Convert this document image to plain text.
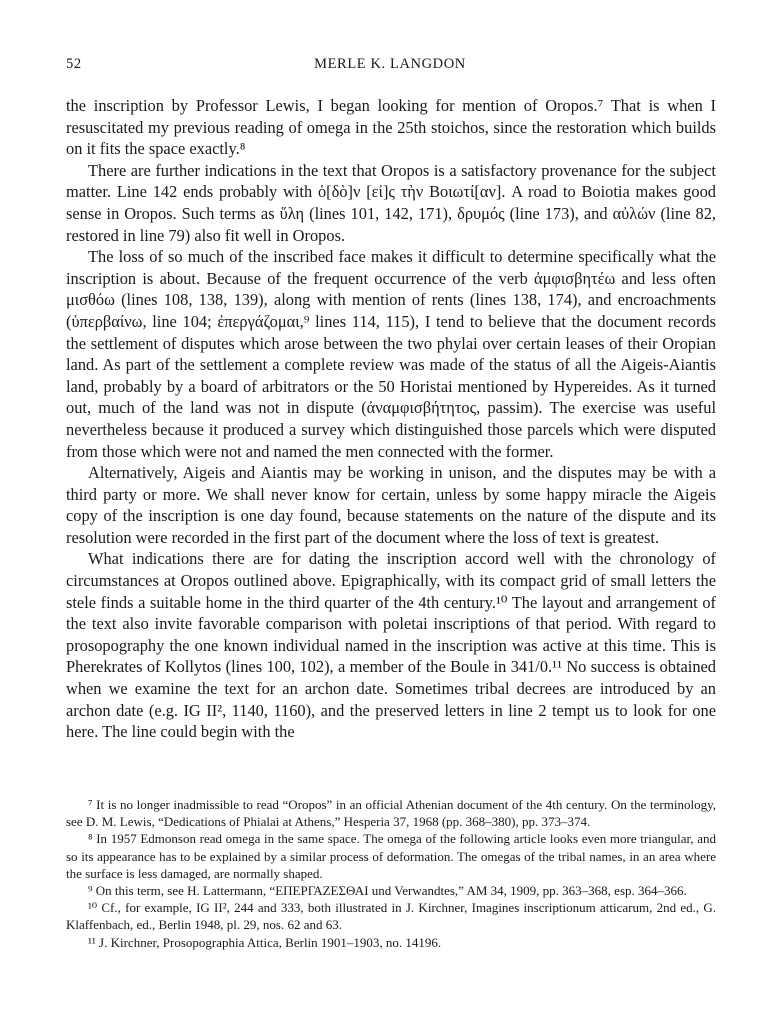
52	MERLE K. LANGDON

the inscription by Professor Lewis, I began looking for mention of Oropos.⁷ That is when I resuscitated my previous reading of omega in the 25th stoichos, since the restoration which builds on it fits the space exactly.⁸

There are further indications in the text that Oropos is a satisfactory provenance for the subject matter. Line 142 ends probably with ὁ[δὸ]ν [εἰ]ς τὴν Βοιωτί[αν]. A road to Boiotia makes good sense in Oropos. Such terms as ὕλη (lines 101, 142, 171), δρυμός (line 173), and αὐλών (line 82, restored in line 79) also fit well in Oropos.

The loss of so much of the inscribed face makes it difficult to determine specifically what the inscription is about. Because of the frequent occurrence of the verb ἀμφισβητέω and less often μισθόω (lines 108, 138, 139), along with mention of rents (lines 138, 174), and encroachments (ὑπερβαίνω, line 104; ἐπεργάζομαι,⁹ lines 114, 115), I tend to believe that the document records the settlement of disputes which arose between the two phylai over certain leases of their Oropian land. As part of the settlement a complete review was made of the status of all the Aigeis-Aiantis land, probably by a board of arbitrators or the 50 Horistai mentioned by Hypereides. As it turned out, much of the land was not in dispute (ἀναμφισβήτητος, passim). The exercise was useful nevertheless because it produced a survey which distinguished those parcels which were disputed from those which were not and named the men connected with the former.

Alternatively, Aigeis and Aiantis may be working in unison, and the disputes may be with a third party or more. We shall never know for certain, unless by some happy miracle the Aigeis copy of the inscription is one day found, because statements on the nature of the dispute and its resolution were recorded in the first part of the document where the loss of text is greatest.

What indications there are for dating the inscription accord well with the chronology of circumstances at Oropos outlined above. Epigraphically, with its compact grid of small letters the stele finds a suitable home in the third quarter of the 4th century.¹⁰ The layout and arrangement of the text also invite favorable comparison with poletai inscriptions of that period. With regard to prosopography the one known individual named in the inscription was active at this time. This is Pherekrates of Kollytos (lines 100, 102), a member of the Boule in 341/0.¹¹ No success is obtained when we examine the text for an archon date. Sometimes tribal decrees are introduced by an archon date (e.g. IG II², 1140, 1160), and the preserved letters in line 2 tempt us to look for one here. The line could begin with the

⁷ It is no longer inadmissible to read “Oropos” in an official Athenian document of the 4th century. On the terminology, see D. M. Lewis, “Dedications of Phialai at Athens,” Hesperia 37, 1968 (pp. 368–380), pp. 373–374.

⁸ In 1957 Edmonson read omega in the same space. The omega of the following article looks even more triangular, and so its appearance has to be explained by a similar process of deformation. The omegas of the tribal names, in an area where the surface is less damaged, are normally shaped.

⁹ On this term, see H. Lattermann, “ΕΠΕΡΓΑΖΕΣΘΑΙ und Verwandtes,” AM 34, 1909, pp. 363–368, esp. 364–366.

¹⁰ Cf., for example, IG II², 244 and 333, both illustrated in J. Kirchner, Imagines inscriptionum atticarum, 2nd ed., G. Klaffenbach, ed., Berlin 1948, pl. 29, nos. 62 and 63.

¹¹ J. Kirchner, Prosopographia Attica, Berlin 1901–1903, no. 14196.
